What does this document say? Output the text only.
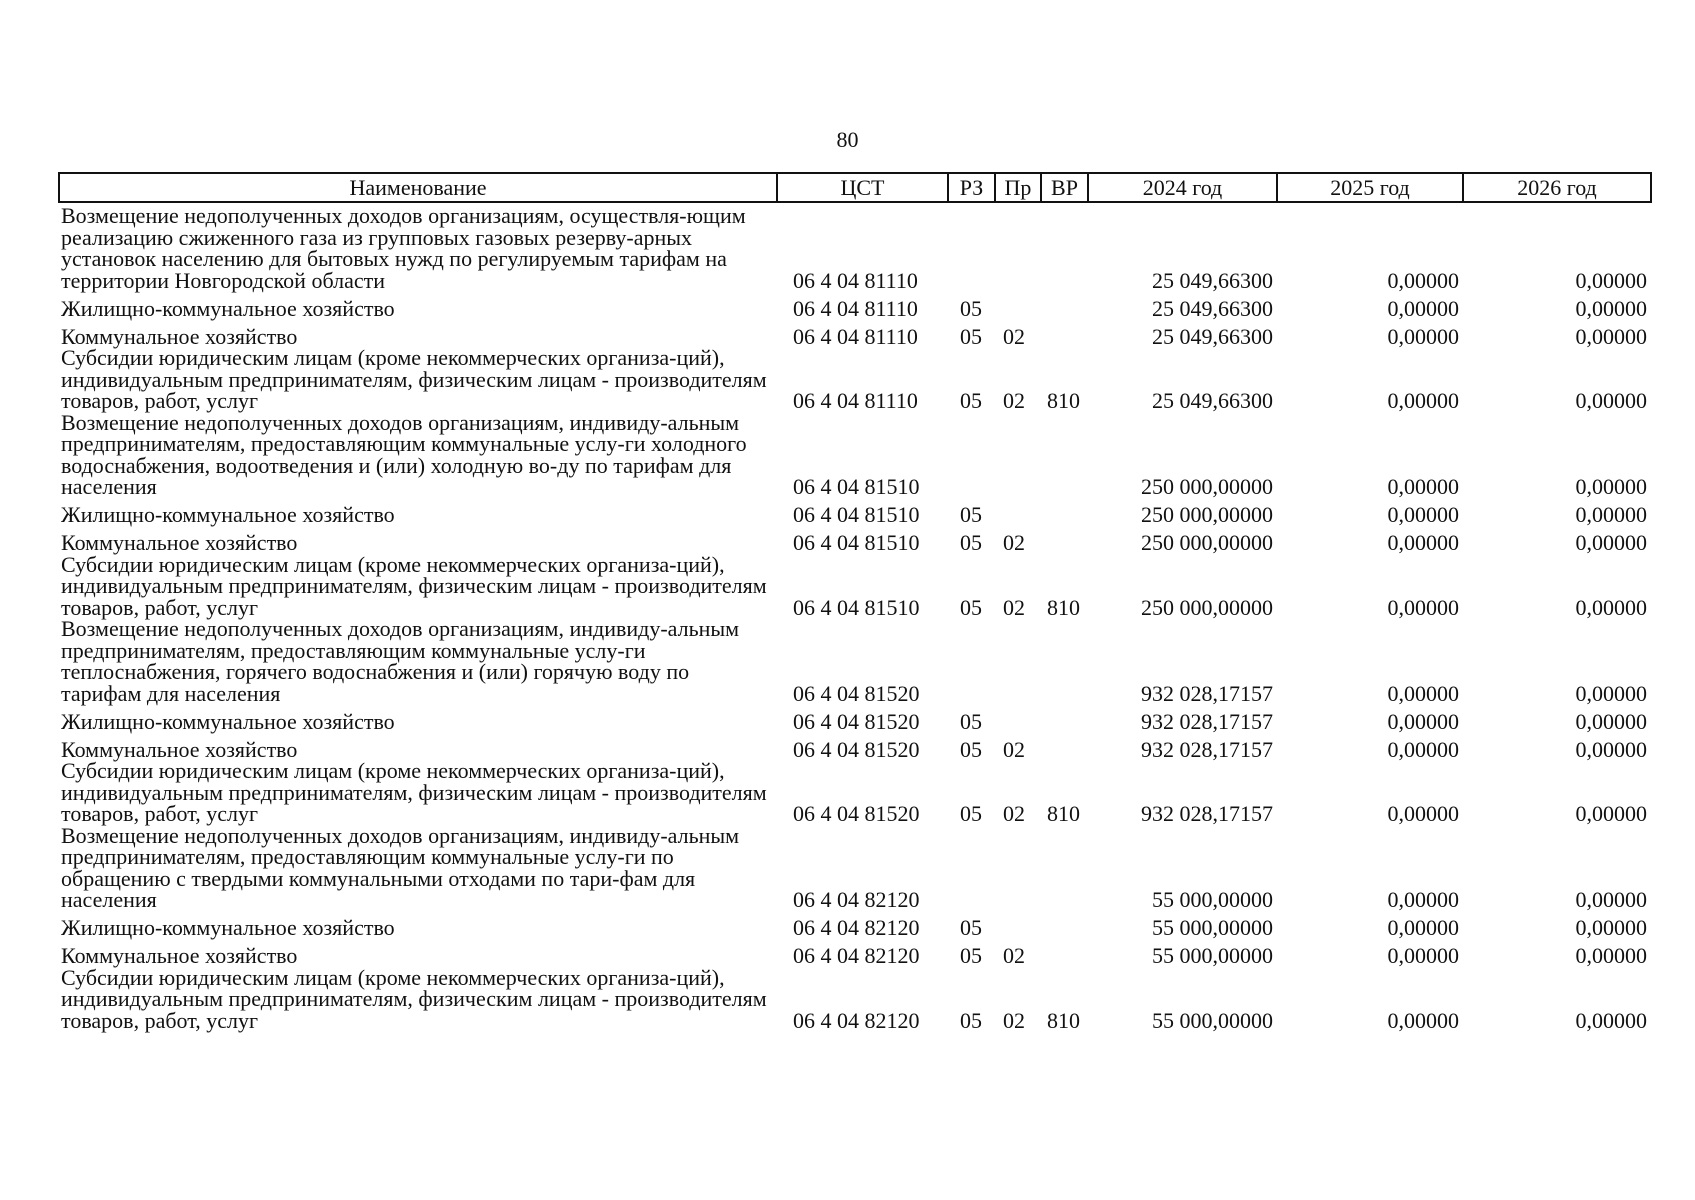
80
Наименование	ЦСТ	РЗ	Пр	ВР	2024 год	2025 год	2026 год
Возмещение недополученных доходов организациям, осуществля-ющим реализацию сжиженного газа из групповых газовых резерву-арных установок населению для бытовых нужд по регулируемым тарифам на территории Новгородской области	06 4 04 81110				25 049,66300	0,00000	0,00000
Жилищно-коммунальное хозяйство	06 4 04 81110	05			25 049,66300	0,00000	0,00000
Коммунальное хозяйство	06 4 04 81110	05	02		25 049,66300	0,00000	0,00000
Субсидии юридическим лицам (кроме некоммерческих организа-ций), индивидуальным предпринимателям, физическим лицам - производителям товаров, работ, услуг	06 4 04 81110	05	02	810	25 049,66300	0,00000	0,00000
Возмещение недополученных доходов организациям, индивиду-альным предпринимателям, предоставляющим коммунальные услу-ги холодного водоснабжения, водоотведения и (или) холодную во-ду по тарифам для населения	06 4 04 81510				250 000,00000	0,00000	0,00000
Жилищно-коммунальное хозяйство	06 4 04 81510	05			250 000,00000	0,00000	0,00000
Коммунальное хозяйство	06 4 04 81510	05	02		250 000,00000	0,00000	0,00000
Субсидии юридическим лицам (кроме некоммерческих организа-ций), индивидуальным предпринимателям, физическим лицам - производителям товаров, работ, услуг	06 4 04 81510	05	02	810	250 000,00000	0,00000	0,00000
Возмещение недополученных доходов организациям, индивиду-альным предпринимателям, предоставляющим коммунальные услу-ги теплоснабжения, горячего водоснабжения и (или) горячую воду по тарифам для населения	06 4 04 81520				932 028,17157	0,00000	0,00000
Жилищно-коммунальное хозяйство	06 4 04 81520	05			932 028,17157	0,00000	0,00000
Коммунальное хозяйство	06 4 04 81520	05	02		932 028,17157	0,00000	0,00000
Субсидии юридическим лицам (кроме некоммерческих организа-ций), индивидуальным предпринимателям, физическим лицам - производителям товаров, работ, услуг	06 4 04 81520	05	02	810	932 028,17157	0,00000	0,00000
Возмещение недополученных доходов организациям, индивиду-альным предпринимателям, предоставляющим коммунальные услу-ги по обращению с твердыми коммунальными отходами по тари-фам для населения	06 4 04 82120				55 000,00000	0,00000	0,00000
Жилищно-коммунальное хозяйство	06 4 04 82120	05			55 000,00000	0,00000	0,00000
Коммунальное хозяйство	06 4 04 82120	05	02		55 000,00000	0,00000	0,00000
Субсидии юридическим лицам (кроме некоммерческих организа-ций), индивидуальным предпринимателям, физическим лицам - производителям товаров, работ, услуг	06 4 04 82120	05	02	810	55 000,00000	0,00000	0,00000
